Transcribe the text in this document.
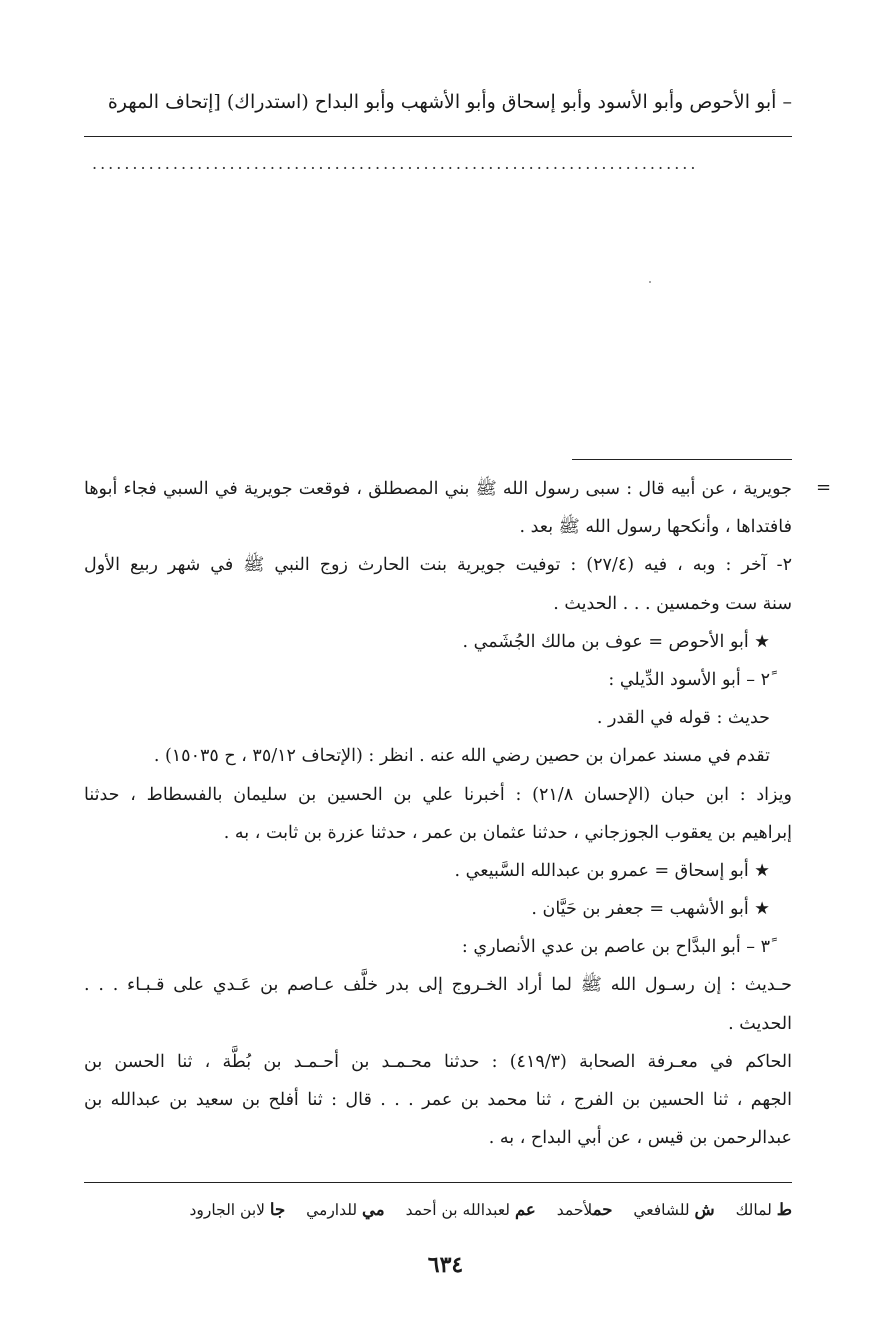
– أبو الأحوص وأبو الأسود وأبو إسحاق وأبو الأشهب وأبو البداح (استدراك) [إتحاف المهرة
...........................................................................
=
جويرية ، عن أبيه قال : سبى رسول الله ﷺ بني المصطلق ، فوقعت جويرية في السبي فجاء أبوها
فافتداها ، وأنكحها رسول الله ﷺ بعد .
٢- آخر : وبه ، فيه (٢٧/٤) : توفيت جويرية بنت الحارث زوج النبي ﷺ في شهر ربيع الأول
سنة ست وخمسين . . . الحديث .
★ أبو الأحوص = عوف بن مالك الجُشَمي .
٢ً – أبو الأسود الدِّيلي :
حديث : قوله في القدر .
تقدم في مسند عمران بن حصين رضي الله عنه . انظر : (الإتحاف ٣٥/١٢ ، ح ١٥٠٣٥) .
ويزاد : ابن حبان (الإحسان ٢١/٨) : أخبرنا علي بن الحسين بن سليمان بالفسطاط ، حدثنا
إبراهيم بن يعقوب الجوزجاني ، حدثنا عثمان بن عمر ، حدثنا عزرة بن ثابت ، به .
★ أبو إسحاق = عمرو بن عبدالله السَّبيعي .
★ أبو الأشهب = جعفر بن حَيَّان .
٣ً – أبو البدَّاح بن عاصم بن عدي الأنصاري :
حـديث : إن رسـول الله ﷺ لما أراد الخـروج إلى بدر خلَّف عـاصم بن عَـدي على قـبـاء . . .
الحديث .
الحاكم في معـرفة الصحابة (٤١٩/٣) : حدثنا محـمـد بن أحـمـد بن بُطَّة ، ثنا الحسن بن
الجهم ، ثنا الحسين بن الفرج ، ثنا محمد بن عمر . . . قال : ثنا أفلح بن سعيد بن عبدالله بن
عبدالرحمن بن قيس ، عن أبي البداح ، به .
ط لمالك ش للشافعي حملأحمد عم لعبدالله بن أحمد مي للدارمي جا لابن الجارود
٦٣٤
